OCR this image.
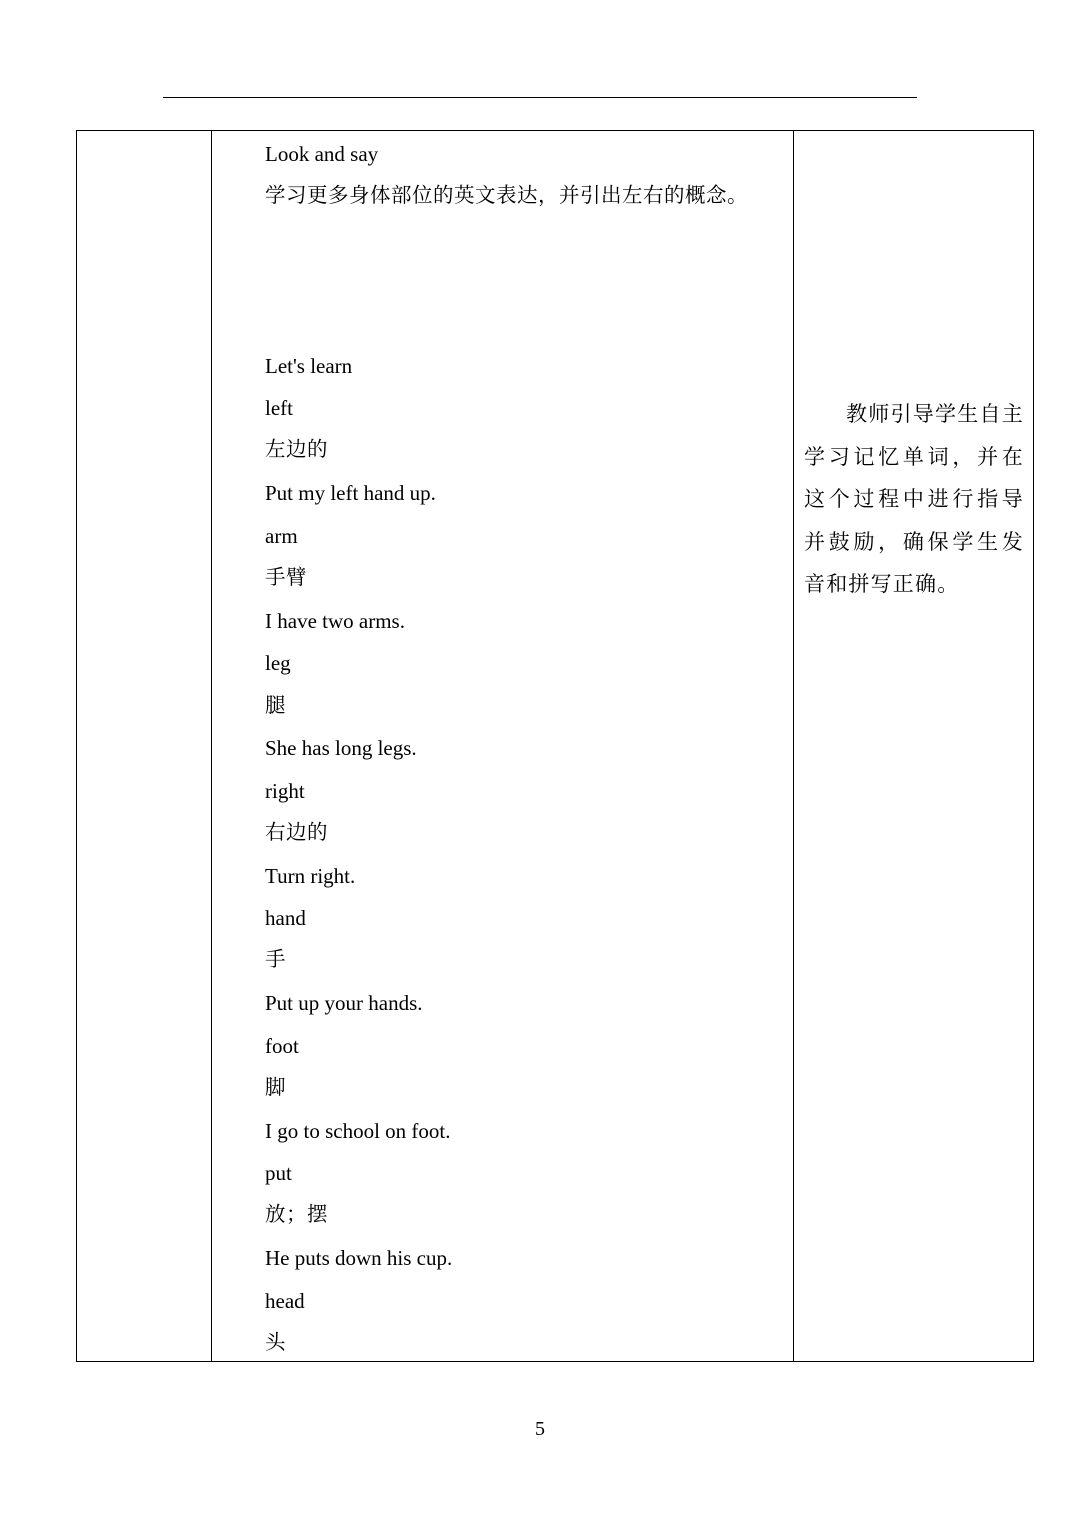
Look and say
学习更多身体部位的英文表达，并引出左右的概念。
Let's learn
left
左边的
Put my left hand up.
arm
手臂
I have two arms.
leg
腿
She has long legs.
right
右边的
Turn right.
hand
手
Put up your hands.
foot
脚
I go to school on foot.
put
放；摆
He puts down his cup.
head
头
教师引导学生自主学习记忆单词，并在这个过程中进行指导并鼓励，确保学生发音和拼写正确。
5
